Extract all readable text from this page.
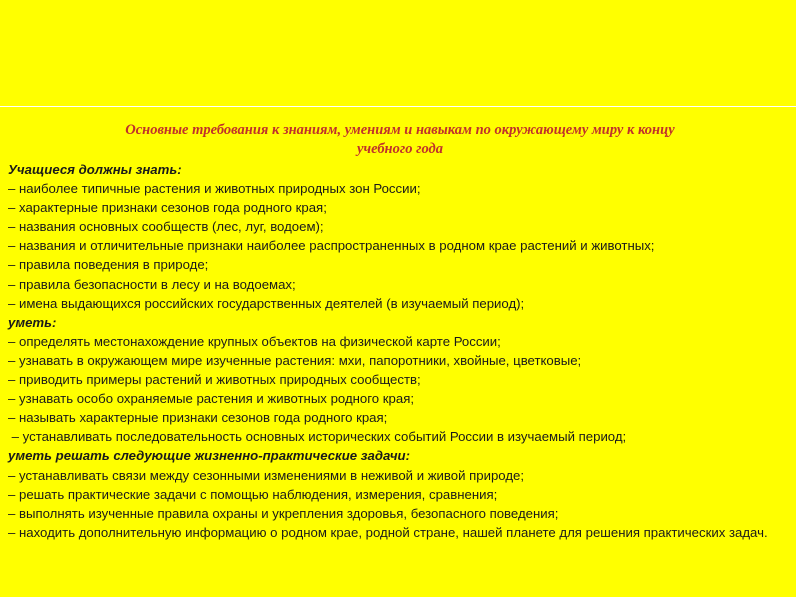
Основные требования к знаниям, умениям и навыкам по окружающему миру к концу
учебного года
Учащиеся должны знать:
– наиболее типичные растения и животных природных зон России;
– характерные признаки сезонов года родного края;
– названия основных сообществ (лес, луг, водоем);
– названия и отличительные признаки наиболее распространенных в родном крае растений и животных;
– правила поведения в природе;
– правила безопасности в лесу и на водоемах;
– имена выдающихся российских государственных деятелей (в изучаемый период);
уметь:
– определять местонахождение крупных объектов на физической карте России;
– узнавать в окружающем мире изученные растения: мхи, папоротники, хвойные, цветковые;
– приводить примеры растений и животных природных сообществ;
– узнавать особо охраняемые растения и животных родного края;
– называть характерные признаки сезонов года родного края;
– устанавливать последовательность основных исторических событий России в изучаемый период;
уметь решать следующие жизненно-практические задачи:
– устанавливать связи между сезонными изменениями в неживой и живой природе;
– решать практические задачи с помощью наблюдения, измерения, сравнения;
– выполнять изученные правила охраны и укрепления здоровья, безопасного поведения;
– находить дополнительную информацию о родном крае, родной стране, нашей планете для решения практических задач.
